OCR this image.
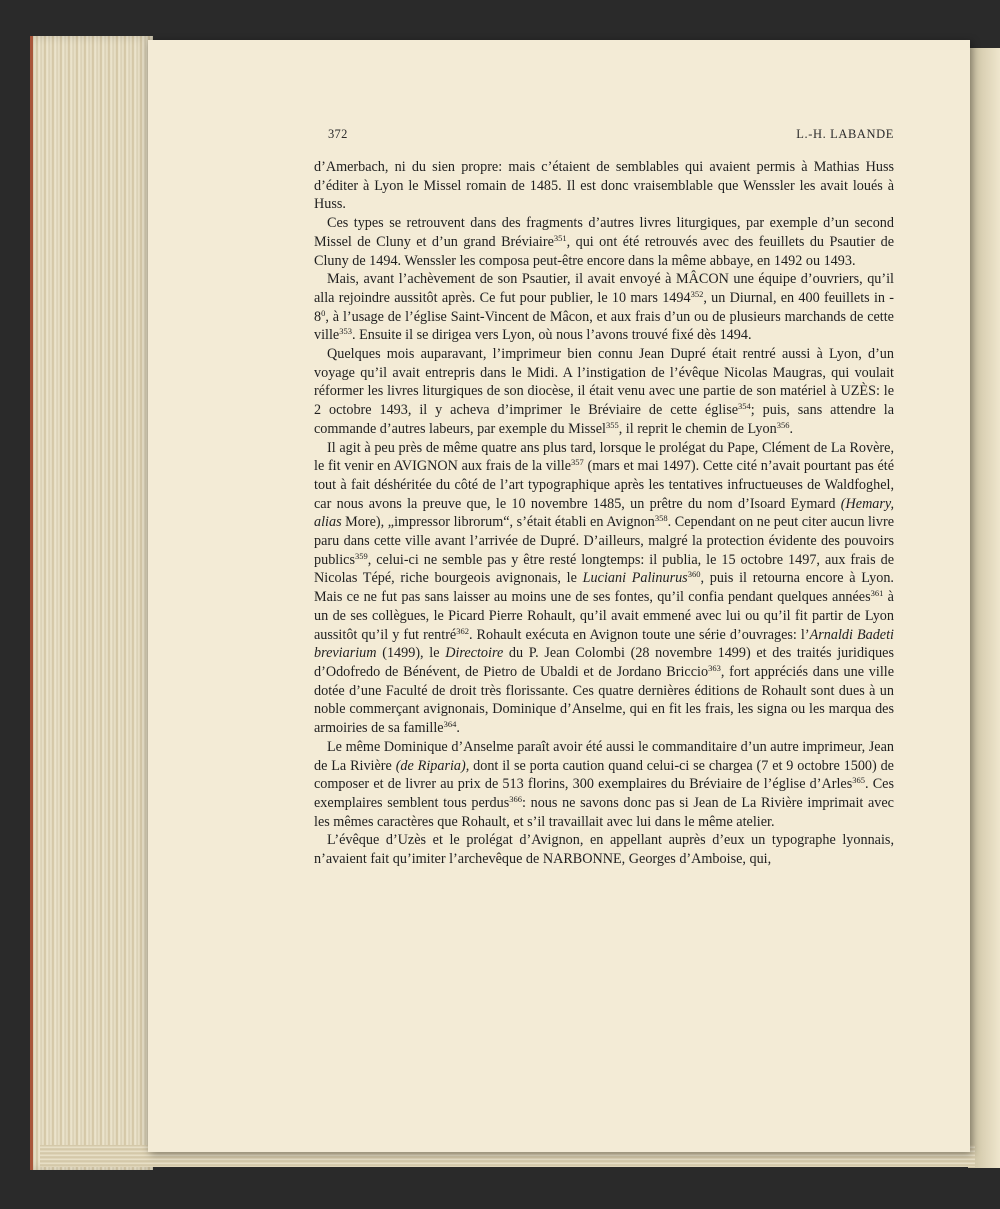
372	L.-H. LABANDE

d’Amerbach, ni du sien propre: mais c’étaient de semblables qui avaient permis à Mathias Huss d’éditer à Lyon le Missel romain de 1485. Il est donc vraisemblable que Wenssler les avait loués à Huss.

Ces types se retrouvent dans des fragments d’autres livres liturgiques, par exemple d’un second Missel de Cluny et d’un grand Bréviaire$^{351}$, qui ont été retrouvés avec des feuillets du Psautier de Cluny de 1494. Wenssler les composa peut-être encore dans la même abbaye, en 1492 ou 1493.

Mais, avant l’achèvement de son Psautier, il avait envoyé à MÂCON une équipe d’ouvriers, qu’il alla rejoindre aussitôt après. Ce fut pour publier, le 10 mars 1494$^{352}$, un Diurnal, en 400 feuillets in - $8^0$, à l’usage de l’église Saint-Vincent de Mâcon, et aux frais d’un ou de plusieurs marchands de cette ville$^{353}$. Ensuite il se dirigea vers Lyon, où nous l’avons trouvé fixé dès 1494.

Quelques mois auparavant, l’imprimeur bien connu Jean Dupré était rentré aussi à Lyon, d’un voyage qu’il avait entrepris dans le Midi. A l’instigation de l’évêque Nicolas Maugras, qui voulait réformer les livres liturgiques de son diocèse, il était venu avec une partie de son matériel à UZÈS: le 2 octobre 1493, il y acheva d’imprimer le Bréviaire de cette église$^{354}$; puis, sans attendre la commande d’autres labeurs, par exemple du Missel$^{355}$, il reprit le chemin de Lyon$^{356}$.

Il agit à peu près de même quatre ans plus tard, lorsque le prolégat du Pape, Clément de La Rovère, le fit venir en AVIGNON aux frais de la ville$^{357}$ (mars et mai 1497). Cette cité n’avait pourtant pas été tout à fait déshéritée du côté de l’art typographique après les tentatives infructueuses de Waldfoghel, car nous avons la preuve que, le 10 novembre 1485, un prêtre du nom d’Isoard Eymard (Hemary, alias More), „impressor librorum“, s’était établi en Avignon$^{358}$. Cependant on ne peut citer aucun livre paru dans cette ville avant l’arrivée de Dupré. D’ailleurs, malgré la protection évidente des pouvoirs publics$^{359}$, celui-ci ne semble pas y être resté longtemps: il publia, le 15 octobre 1497, aux frais de Nicolas Tépé, riche bourgeois avignonais, le Luciani Palinurus$^{360}$, puis il retourna encore à Lyon. Mais ce ne fut pas sans laisser au moins une de ses fontes, qu’il confia pendant quelques années$^{361}$ à un de ses collègues, le Picard Pierre Rohault, qu’il avait emmené avec lui ou qu’il fit partir de Lyon aussitôt qu’il y fut rentré$^{362}$. Rohault exécuta en Avignon toute une série d’ouvrages: l’Arnaldi Badeti breviarium (1499), le Directoire du P. Jean Colombi (28 novembre 1499) et des traités juridiques d’Odofredo de Bénévent, de Pietro de Ubaldi et de Jordano Briccio$^{363}$, fort appréciés dans une ville dotée d’une Faculté de droit très florissante. Ces quatre dernières éditions de Rohault sont dues à un noble commerçant avignonais, Dominique d’Anselme, qui en fit les frais, les signa ou les marqua des armoiries de sa famille$^{364}$.

Le même Dominique d’Anselme paraît avoir été aussi le commanditaire d’un autre imprimeur, Jean de La Rivière (de Riparia), dont il se porta caution quand celui-ci se chargea (7 et 9 octobre 1500) de composer et de livrer au prix de 513 florins, 300 exemplaires du Bréviaire de l’église d’Arles$^{365}$. Ces exemplaires semblent tous perdus$^{366}$: nous ne savons donc pas si Jean de La Rivière imprimait avec les mêmes caractères que Rohault, et s’il travaillait avec lui dans le même atelier.

L’évêque d’Uzès et le prolégat d’Avignon, en appellant auprès d’eux un typographe lyonnais, n’avaient fait qu’imiter l’archevêque de NARBONNE, Georges d’Amboise, qui,
